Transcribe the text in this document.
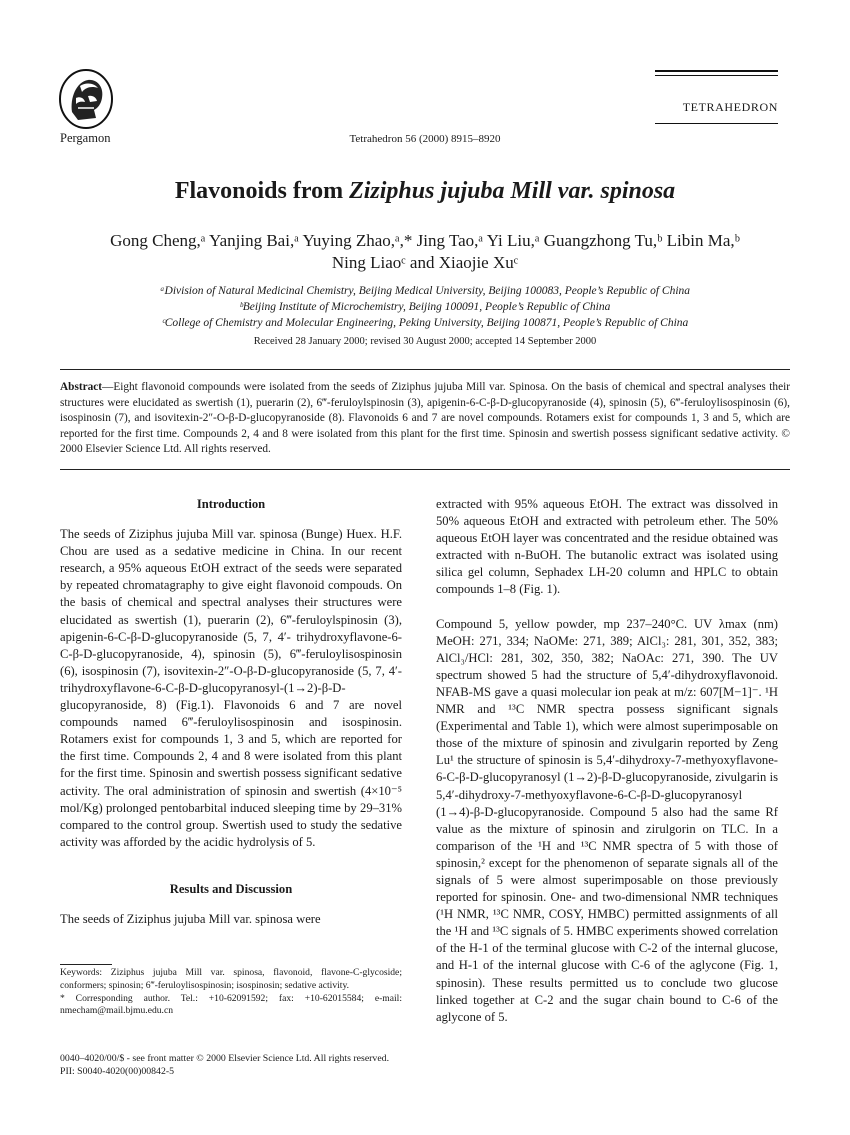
Pergamon	Tetrahedron 56 (2000) 8915–8920
TETRAHEDRON
Flavonoids from Ziziphus jujuba Mill var. spinosa
Gong Cheng,ᵃ Yanjing Bai,ᵃ Yuying Zhao,ᵃ,* Jing Tao,ᵃ Yi Liu,ᵃ Guangzhong Tu,ᵇ Libin Ma,ᵇ
Ning Liaoᶜ and Xiaojie Xuᶜ
ᵃDivision of Natural Medicinal Chemistry, Beijing Medical University, Beijing 100083, People’s Republic of China
ᵇBeijing Institute of Microchemistry, Beijing 100091, People’s Republic of China
ᶜCollege of Chemistry and Molecular Engineering, Peking University, Beijing 100871, People’s Republic of China
Received 28 January 2000; revised 30 August 2000; accepted 14 September 2000
Abstract—Eight flavonoid compounds were isolated from the seeds of Ziziphus jujuba Mill var. Spinosa. On the basis of chemical and spectral analyses their structures were elucidated as swertish (1), puerarin (2), 6‴-feruloylspinosin (3), apigenin-6-C-β-D-glucopyranoside (4), spinosin (5), 6‴-feruloylisospinosin (6), isospinosin (7), and isovitexin-2″-O-β-D-glucopyranoside (8). Flavonoids 6 and 7 are novel compounds. Rotamers exist for compounds 1, 3 and 5, which are reported for the first time. Compounds 2, 4 and 8 were isolated from this plant for the first time. Spinosin and swertish possess significant sedative activity. © 2000 Elsevier Science Ltd. All rights reserved.
Introduction
The seeds of Ziziphus jujuba Mill var. spinosa (Bunge) Huex. H.F. Chou are used as a sedative medicine in China. In our recent research, a 95% aqueous EtOH extract of the seeds were separated by repeated chromatagraphy to give eight flavonoid compouds. On the basis of chemical and spectral analyses their structures were elucidated as swertish (1), puerarin (2), 6‴-feruloylspinosin (3), apigenin-6-C-β-D-glucopyranoside (5, 7, 4′- trihydroxyflavone-6-C-β-D-glucopyranoside, 4), spinosin (5), 6‴-feruloylisospinosin (6), isospinosin (7), isovitexin-2″-O-β-D-glucopyranoside (5, 7, 4′-trihydroxyflavone-6-C-β-D-glucopyranosyl-(1→2)-β-D-glucopyranoside, 8) (Fig.1). Flavonoids 6 and 7 are novel compounds named 6‴-feruloylisospinosin and isospinosin. Rotamers exist for compounds 1, 3 and 5, which are reported for the first time. Compounds 2, 4 and 8 were isolated from this plant for the first time. Spinosin and swertish possess significant sedative activity. The oral administration of spinosin and swertish (4×10⁻⁵ mol/Kg) prolonged pentobarbital induced sleeping time by 29–31% compared to the control group. Swertish used to study the sedative activity was afforded by the acidic hydrolysis of 5.
Results and Discussion
The seeds of Ziziphus jujuba Mill var. spinosa were
extracted with 95% aqueous EtOH. The extract was dissolved in 50% aqueous EtOH and extracted with petroleum ether. The 50% aqueous EtOH layer was concentrated and the residue obtained was extracted with n-BuOH. The butanolic extract was isolated using silica gel column, Sephadex LH-20 column and HPLC to obtain compounds 1–8 (Fig. 1).
Compound 5, yellow powder, mp 237–240°C. UV λmax (nm) MeOH: 271, 334; NaOMe: 271, 389; AlCl₃: 281, 301, 352, 383; AlCl₃/HCl: 281, 302, 350, 382; NaOAc: 271, 390. The UV spectrum showed 5 had the structure of 5,4′-dihydroxyflavonoid. NFAB-MS gave a quasi molecular ion peak at m/z: 607[M−1]⁻. ¹H NMR and ¹³C NMR spectra possess significant signals (Experimental and Table 1), which were almost superimposable on those of the mixture of spinosin and zivulgarin reported by Zeng Lu¹ the structure of spinosin is 5,4′-dihydroxy-7-methyoxyflavone-6-C-β-D-glucopyranosyl (1→2)-β-D-glucopyranoside, zivulgarin is 5,4′-dihydroxy-7-methyoxyflavone-6-C-β-D-glucopyranosyl (1→4)-β-D-glucopyranoside. Compound 5 also had the same Rf value as the mixture of spinosin and zirulgorin on TLC. In a comparison of the ¹H and ¹³C NMR spectra of 5 with those of spinosin,² except for the phenomenon of separate signals all of the signals of 5 were almost superimposable on those previously reported for spinosin. One- and two-dimensional NMR techniques (¹H NMR, ¹³C NMR, COSY, HMBC) permitted assignments of all the ¹H and ¹³C signals of 5. HMBC experiments showed correlation of the H-1 of the terminal glucose with C-2 of the internal glucose, and H-1 of the internal glucose with C-6 of the aglycone (Fig. 1, spinosin). These results permitted us to conclude two glucose linked together at C-2 and the sugar chain bound to C-6 of the aglycone of 5.
Keywords: Ziziphus jujuba Mill var. spinosa, flavonoid, flavone-C-glycoside; conformers; spinosin; 6‴-feruloylisospinosin; isospinosin; sedative activity.
* Corresponding author. Tel.: +10-62091592; fax: +10-62015584; e-mail: nmecham@mail.bjmu.edu.cn
0040–4020/00/$ - see front matter © 2000 Elsevier Science Ltd. All rights reserved.
PII: S0040-4020(00)00842-5
